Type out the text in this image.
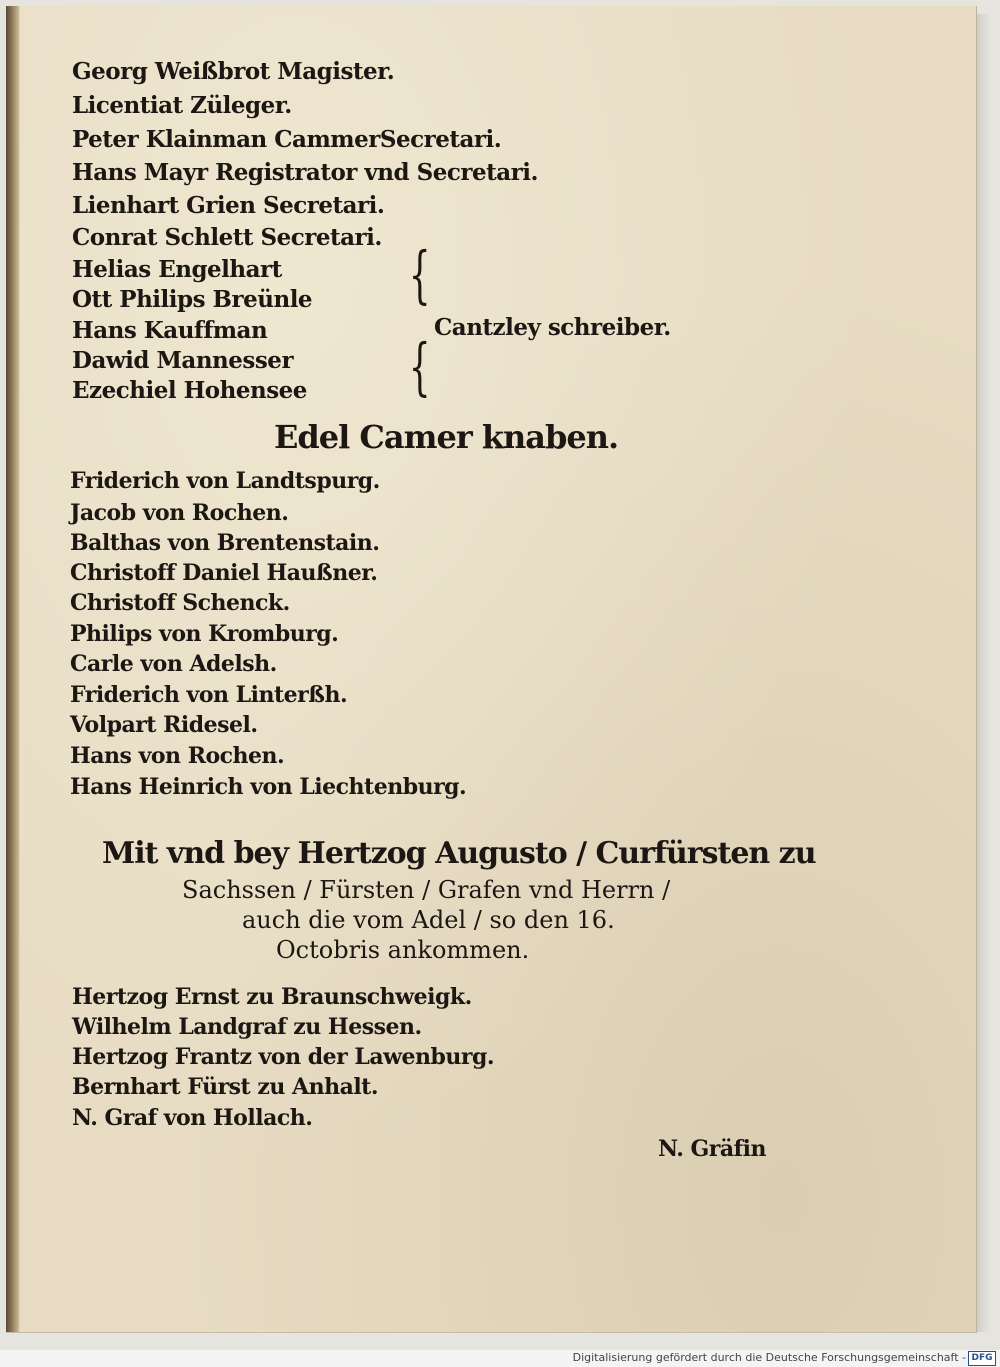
Georg Weißbrot Magister.
Licentiat Züleger.
Peter Klainman CammerSecretari.
Hans Mayr Registrator vnd Secretari.
Lienhart Grien Secretari.
Conrat Schlett Secretari.
Helias Engelhart
Ott Philips Breünle
Hans Kauffman
Dawid Mannesser
Ezechiel Hohensee
{
{
Cantzley schreiber.
Edel Camer knaben.
Friderich von Landtspurg.
Jacob von Rochen.
Balthas von Brentenstain.
Christoff Daniel Haußner.
Christoff Schenck.
Philips von Kromburg.
Carle von Adelsh.
Friderich von Linterßh.
Volpart Ridesel.
Hans von Rochen.
Hans Heinrich von Liechtenburg.
Mit vnd bey Hertzog Augusto / Curfürsten zu
Sachssen / Fürsten / Grafen vnd Herrn /
auch die vom Adel / so den 16.
Octobris ankommen.
Hertzog Ernst zu Braunschweigk.
Wilhelm Landgraf zu Hessen.
Hertzog Frantz von der Lawenburg.
Bernhart Fürst zu Anhalt.
N. Graf von Hollach.
N. Gräfin
Digitalisierung gefördert durch die Deutsche Forschungsgemeinschaft - DFG
